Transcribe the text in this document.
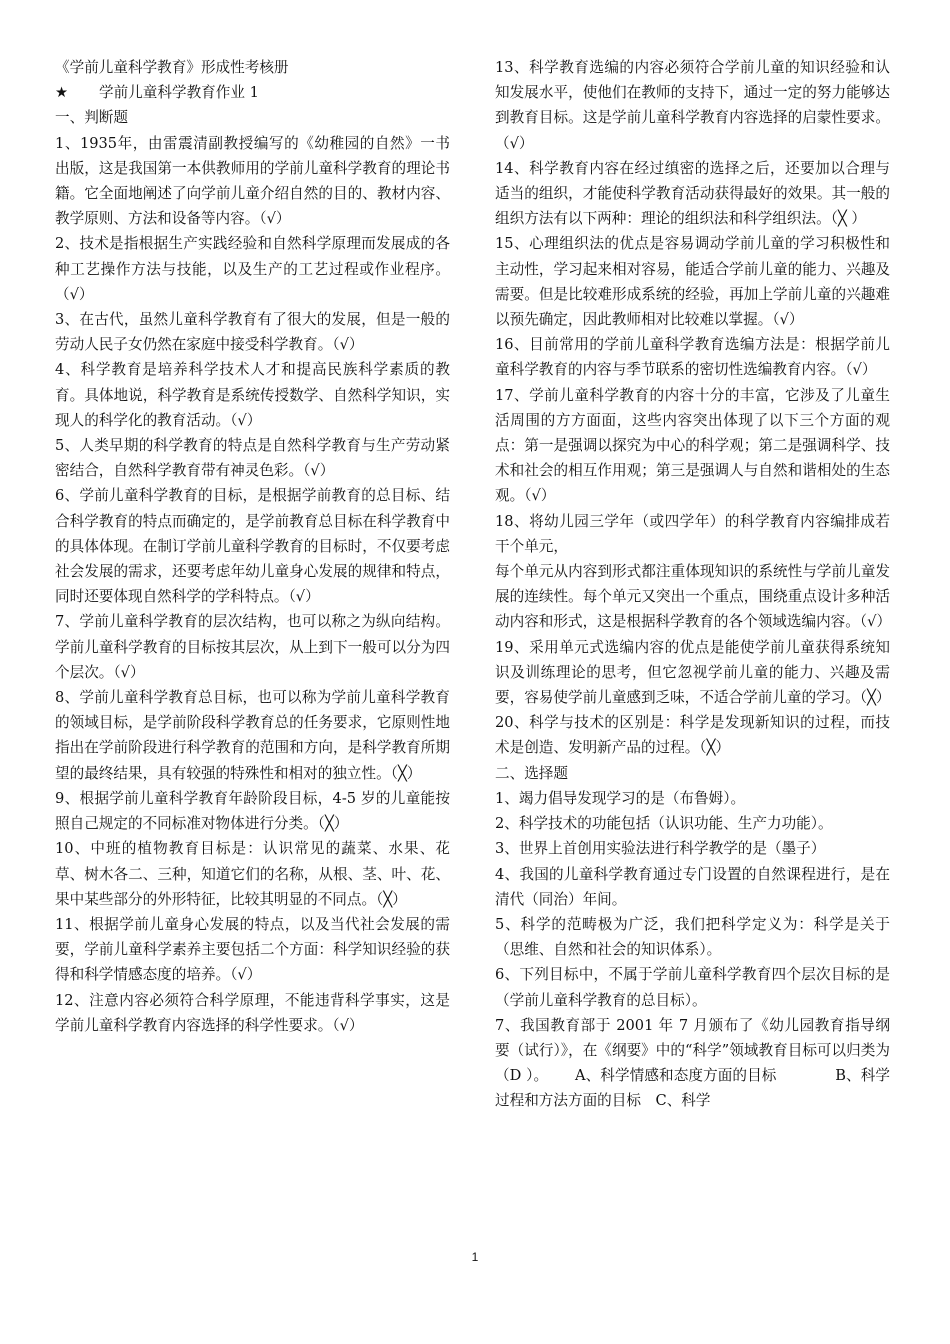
《学前儿童科学教育》形成性考核册

★ 学前儿童科学教育作业 1

一、判断题

1、1935年，由雷震清副教授编写的《幼稚园的自然》一书出版，这是我国第一本供教师用的学前儿童科学教育的理论书籍。它全面地阐述了向学前儿童介绍自然的目的、教材内容、教学原则、方法和设备等内容。（√）

2、技术是指根据生产实践经验和自然科学原理而发展成的各种工艺操作方法与技能，以及生产的工艺过程或作业程序。（√）

3、在古代，虽然儿童科学教育有了很大的发展，但是一般的劳动人民子女仍然在家庭中接受科学教育。（√）

4、科学教育是培养科学技术人才和提高民族科学素质的教育。具体地说，科学教育是系统传授数学、自然科学知识，实现人的科学化的教育活动。（√）

5、人类早期的科学教育的特点是自然科学教育与生产劳动紧密结合，自然科学教育带有神灵色彩。（√）

6、学前儿童科学教育的目标，是根据学前教育的总目标、结合科学教育的特点而确定的，是学前教育总目标在科学教育中的具体体现。在制订学前儿童科学教育的目标时，不仅要考虑社会发展的需求，还要考虑年幼儿童身心发展的规律和特点，同时还要体现自然科学的学科特点。（√）

7、学前儿童科学教育的层次结构，也可以称之为纵向结构。学前儿童科学教育的目标按其层次，从上到下一般可以分为四个层次。（√）

8、学前儿童科学教育总目标，也可以称为学前儿童科学教育的领域目标，是学前阶段科学教育总的任务要求，它原则性地指出在学前阶段进行科学教育的范围和方向，是科学教育所期望的最终结果，具有较强的特殊性和相对的独立性。（╳）

9、根据学前儿童科学教育年龄阶段目标，4-5 岁的儿童能按照自己规定的不同标准对物体进行分类。（╳）

10、中班的植物教育目标是：认识常见的蔬菜、水果、花草、树木各二、三种，知道它们的名称，从根、茎、叶、花、果中某些部分的外形特征，比较其明显的不同点。（╳）

11、根据学前儿童身心发展的特点，以及当代社会发展的需要，学前儿童科学素养主要包括二个方面：科学知识经验的获得和科学情感态度的培养。（√）

12、注意内容必须符合科学原理，不能违背科学事实，这是学前儿童科学教育内容选择的科学性要求。（√）

13、科学教育选编的内容必须符合学前儿童的知识经验和认知发展水平，使他们在教师的支持下，通过一定的努力能够达到教育目标。这是学前儿童科学教育内容选择的启蒙性要求。（√）

14、科学教育内容在经过缜密的选择之后，还要加以合理与适当的组织，才能使科学教育活动获得最好的效果。其一般的组织方法有以下两种：理论的组织法和科学组织法。（╳ ）

15、心理组织法的优点是容易调动学前儿童的学习积极性和主动性，学习起来相对容易，能适合学前儿童的能力、兴趣及需要。但是比较难形成系统的经验，再加上学前儿童的兴趣难以预先确定，因此教师相对比较难以掌握。（√）

16、目前常用的学前儿童科学教育选编方法是：根据学前儿童科学教育的内容与季节联系的密切性选编教育内容。（√）

17、学前儿童科学教育的内容十分的丰富，它涉及了儿童生活周围的方方面面，这些内容突出体现了以下三个方面的观点：第一是强调以探究为中心的科学观；第二是强调科学、技术和社会的相互作用观；第三是强调人与自然和谐相处的生态观。（√）

18、将幼儿园三学年（或四学年）的科学教育内容编排成若干个单元，

每个单元从内容到形式都注重体现知识的系统性与学前儿童发展的连续性。每个单元又突出一个重点，围绕重点设计多种活动内容和形式，这是根据科学教育的各个领域选编内容。（√）

19、采用单元式选编内容的优点是能使学前儿童获得系统知识及训练理论的思考，但它忽视学前儿童的能力、兴趣及需要，容易使学前儿童感到乏味，不适合学前儿童的学习。（╳）

20、科学与技术的区别是：科学是发现新知识的过程，而技术是创造、发明新产品的过程。（╳）

二、选择题

1、竭力倡导发现学习的是（布鲁姆）。

2、科学技术的功能包括（认识功能、生产力功能）。

3、世界上首创用实验法进行科学教学的是（墨子）

4、我国的儿童科学教育通过专门设置的自然课程进行，是在清代（同治）年间。

5、科学的范畴极为广泛，我们把科学定义为：科学是关于（思维、自然和社会的知识体系）。

6、下列目标中，不属于学前儿童科学教育四个层次目标的是（学前儿童科学教育的总目标）。

7、我国教育部于 2001 年 7 月颁布了《幼儿园教育指导纲要（试行）》，在《纲要》中的“科学”领域教育目标可以归类为（D ）。　　 A、科学情感和态度方面的目标　　　　B、科学过程和方法方面的目标　C、科学

1
